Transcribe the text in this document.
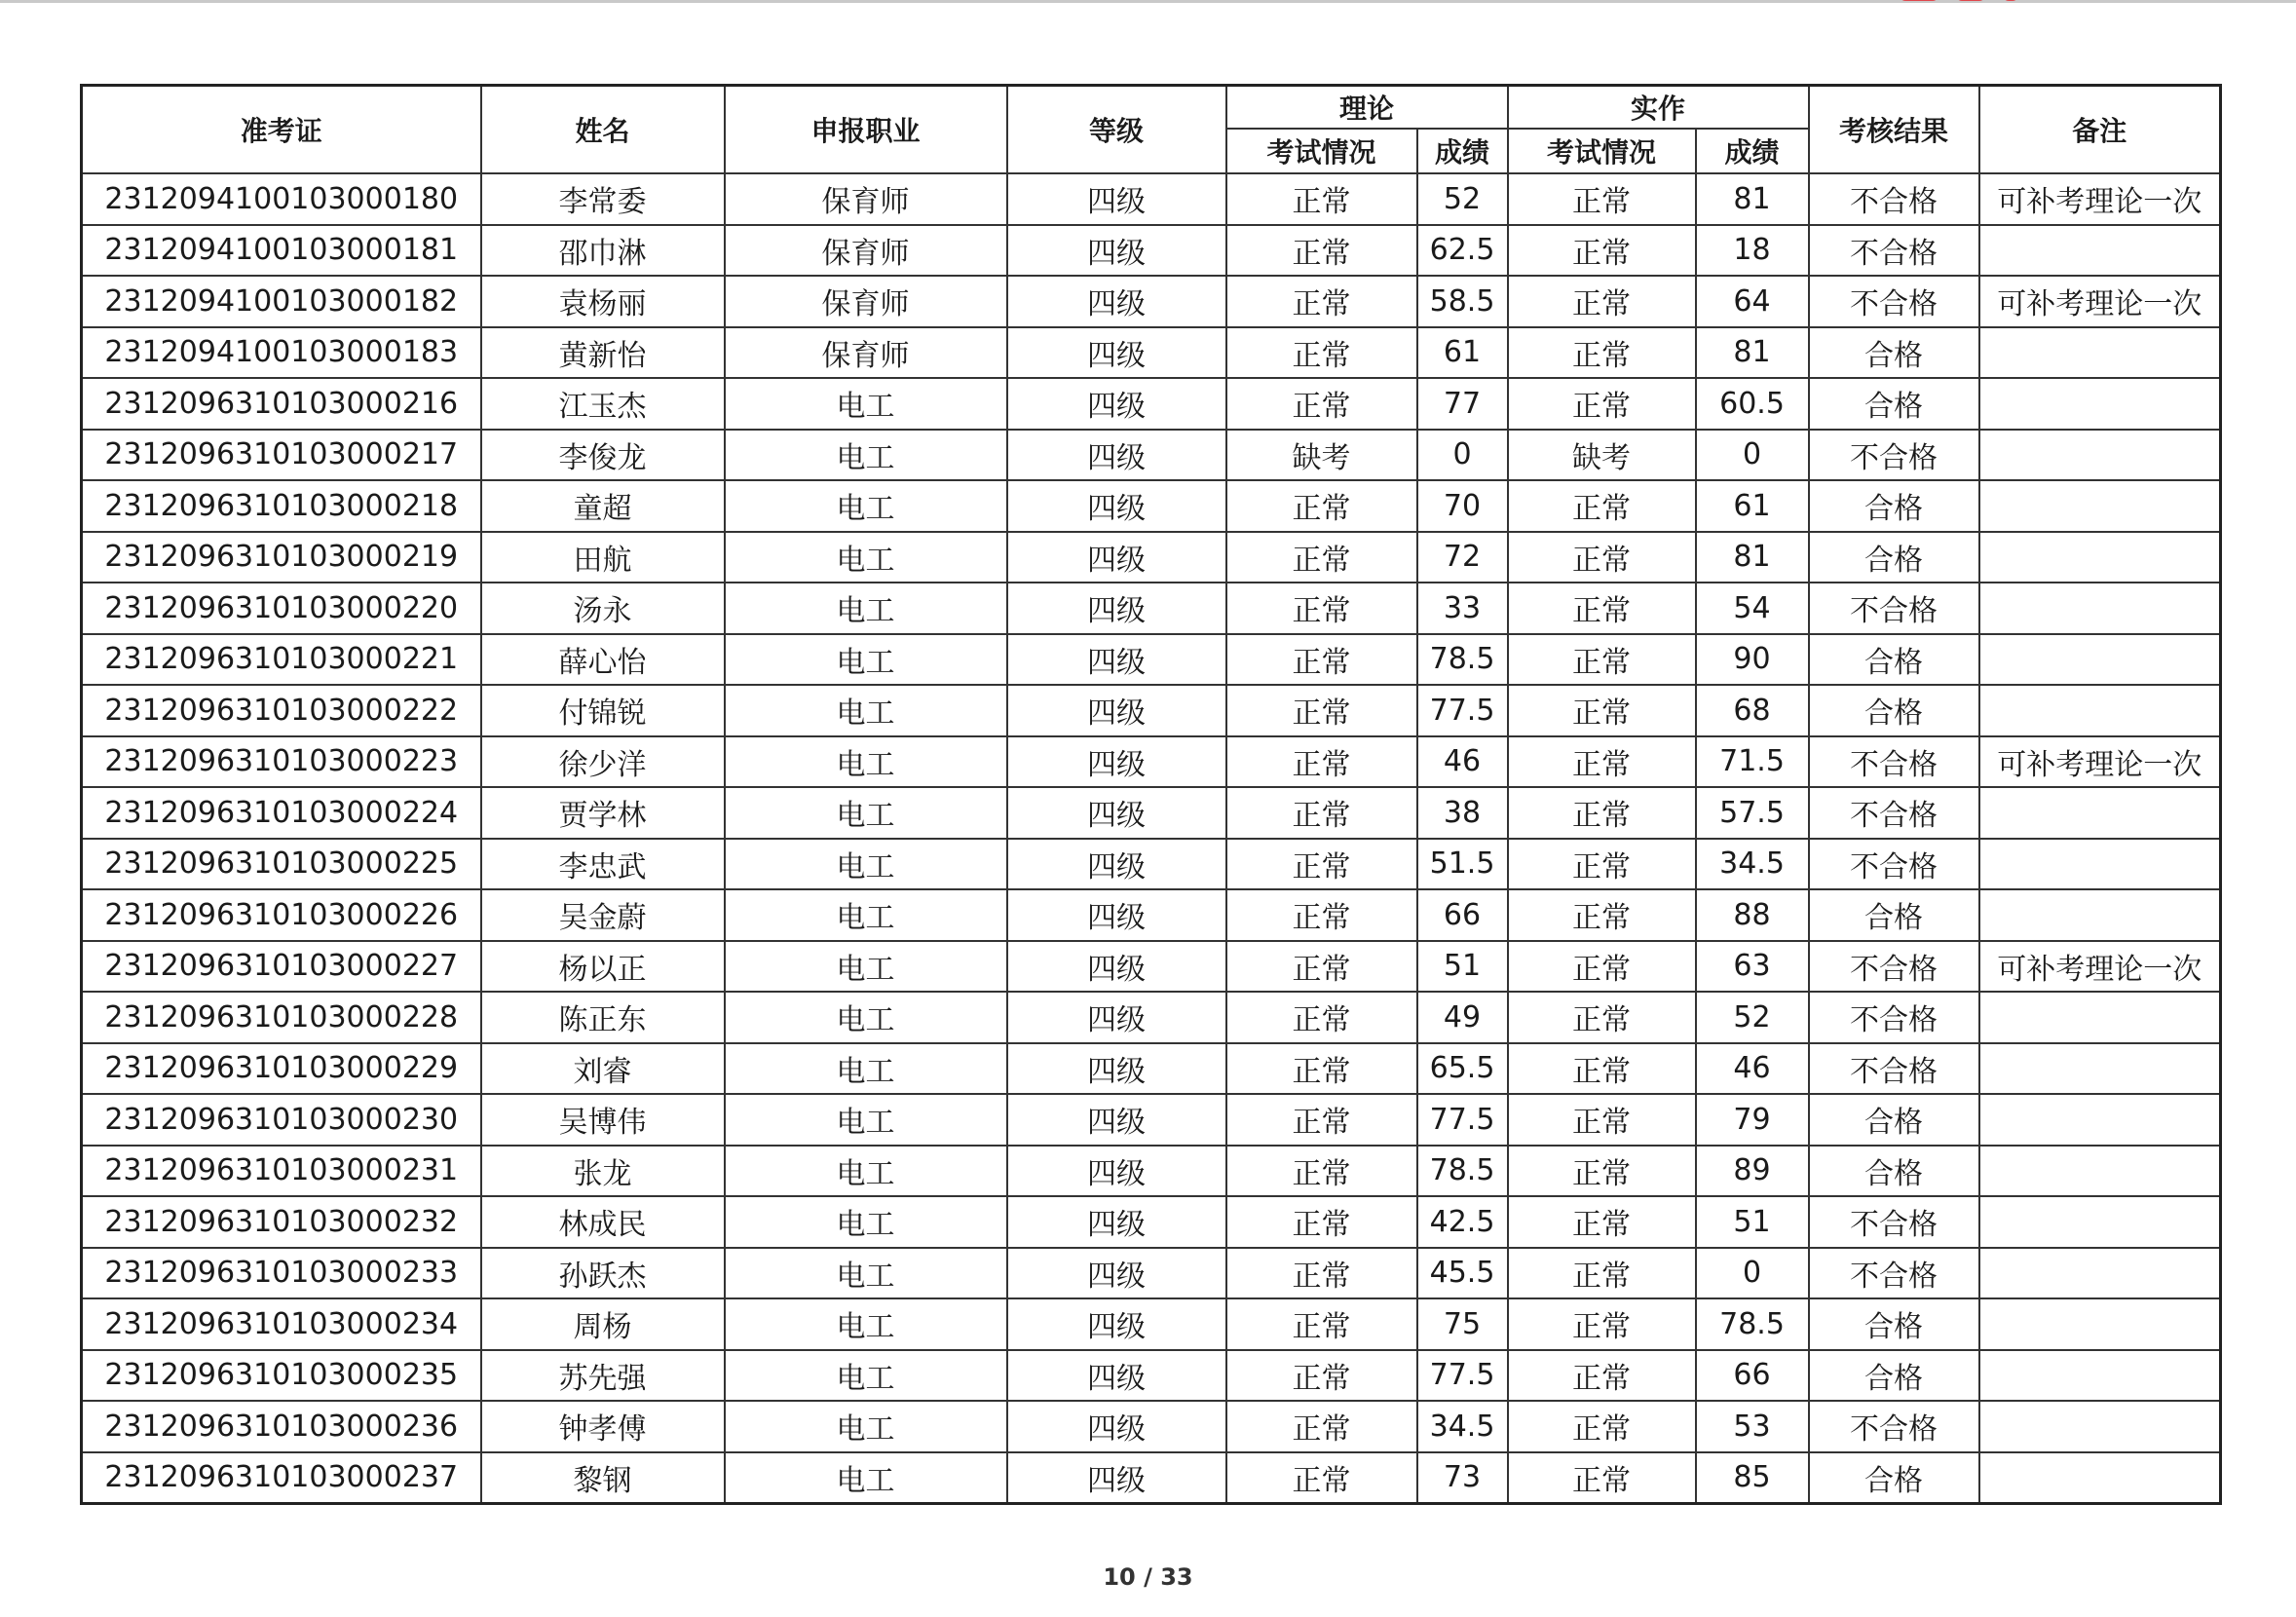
准考证	姓名	申报职业	等级	理论		实作		考核结果	备注
				考试情况	成绩	考试情况	成绩		
2312094100103000180	李常委	保育师	四级	正常	52	正常	81	不合格	可补考理论一次
2312094100103000181	邵巾淋	保育师	四级	正常	62.5	正常	18	不合格	
2312094100103000182	袁杨丽	保育师	四级	正常	58.5	正常	64	不合格	可补考理论一次
2312094100103000183	黄新怡	保育师	四级	正常	61	正常	81	合格	
2312096310103000216	江玉杰	电工	四级	正常	77	正常	60.5	合格	
2312096310103000217	李俊龙	电工	四级	缺考	0	缺考	0	不合格	
2312096310103000218	童超	电工	四级	正常	70	正常	61	合格	
2312096310103000219	田航	电工	四级	正常	72	正常	81	合格	
2312096310103000220	汤永	电工	四级	正常	33	正常	54	不合格	
2312096310103000221	薛心怡	电工	四级	正常	78.5	正常	90	合格	
2312096310103000222	付锦锐	电工	四级	正常	77.5	正常	68	合格	
2312096310103000223	徐少洋	电工	四级	正常	46	正常	71.5	不合格	可补考理论一次
2312096310103000224	贾学林	电工	四级	正常	38	正常	57.5	不合格	
2312096310103000225	李忠武	电工	四级	正常	51.5	正常	34.5	不合格	
2312096310103000226	吴金蔚	电工	四级	正常	66	正常	88	合格	
2312096310103000227	杨以正	电工	四级	正常	51	正常	63	不合格	可补考理论一次
2312096310103000228	陈正东	电工	四级	正常	49	正常	52	不合格	
2312096310103000229	刘睿	电工	四级	正常	65.5	正常	46	不合格	
2312096310103000230	吴博伟	电工	四级	正常	77.5	正常	79	合格	
2312096310103000231	张龙	电工	四级	正常	78.5	正常	89	合格	
2312096310103000232	林成民	电工	四级	正常	42.5	正常	51	不合格	
2312096310103000233	孙跃杰	电工	四级	正常	45.5	正常	0	不合格	
2312096310103000234	周杨	电工	四级	正常	75	正常	78.5	合格	
2312096310103000235	苏先强	电工	四级	正常	77.5	正常	66	合格	
2312096310103000236	钟孝傅	电工	四级	正常	34.5	正常	53	不合格	
2312096310103000237	黎钢	电工	四级	正常	73	正常	85	合格	
10 / 33
